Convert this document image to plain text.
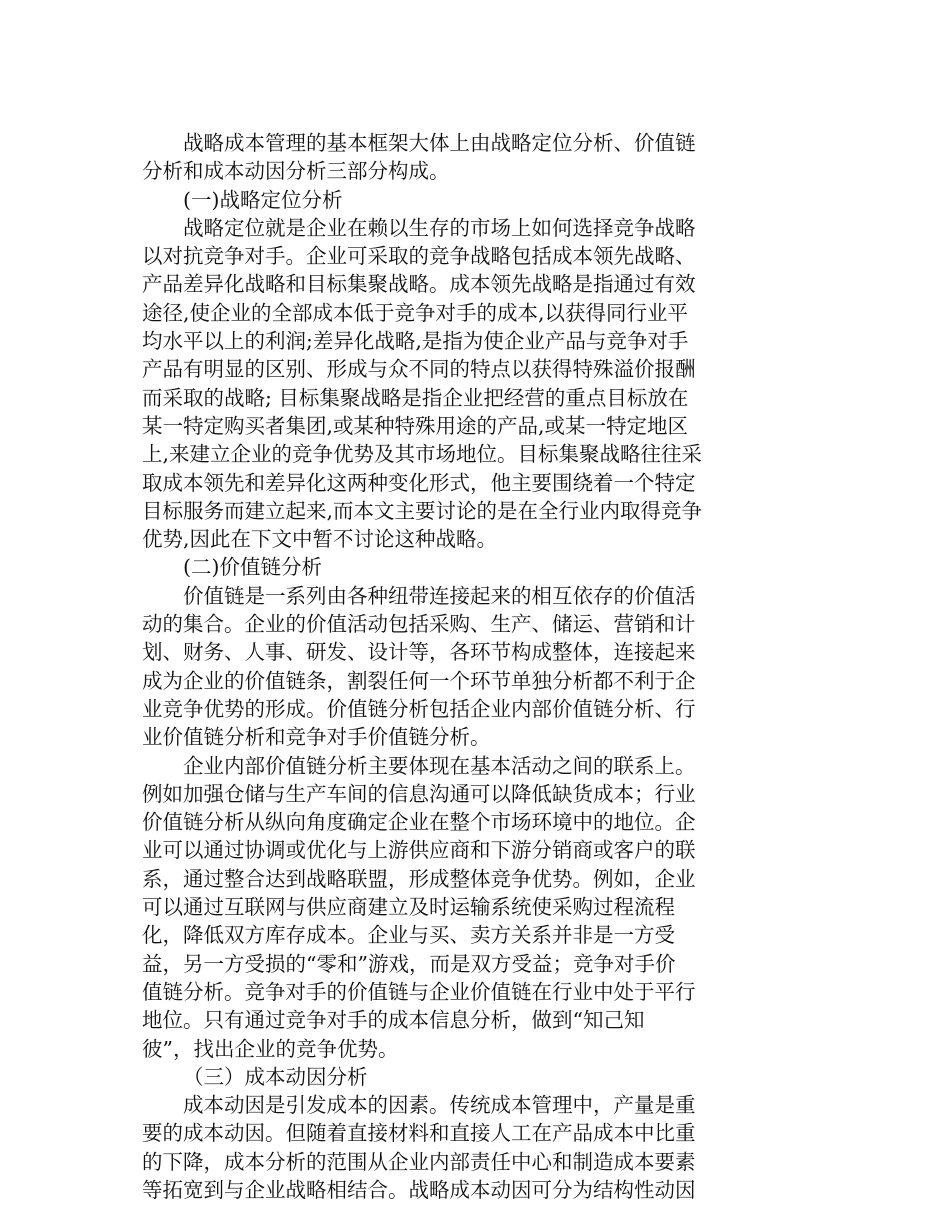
战略成本管理的基本框架大体上由战略定位分析、价值链
分析和成本动因分析三部分构成。
(一)战略定位分析
战略定位就是企业在赖以生存的市场上如何选择竞争战略
以对抗竞争对手。企业可采取的竞争战略包括成本领先战略、
产品差异化战略和目标集聚战略。成本领先战略是指通过有效
途径,使企业的全部成本低于竞争对手的成本,以获得同行业平
均水平以上的利润;差异化战略,是指为使企业产品与竞争对手
产品有明显的区别、形成与众不同的特点以获得特殊溢价报酬
而采取的战略; 目标集聚战略是指企业把经营的重点目标放在
某一特定购买者集团,或某种特殊用途的产品,或某一特定地区
上,来建立企业的竞争优势及其市场地位。目标集聚战略往往采
取成本领先和差异化这两种变化形式，他主要围绕着一个特定
目标服务而建立起来,而本文主要讨论的是在全行业内取得竞争
优势,因此在下文中暂不讨论这种战略。
(二)价值链分析
价值链是一系列由各种纽带连接起来的相互依存的价值活
动的集合。企业的价值活动包括采购、生产、储运、营销和计
划、财务、人事、研发、设计等，各环节构成整体，连接起来
成为企业的价值链条，割裂任何一个环节单独分析都不利于企
业竞争优势的形成。价值链分析包括企业内部价值链分析、行
业价值链分析和竞争对手价值链分析。
企业内部价值链分析主要体现在基本活动之间的联系上。
例如加强仓储与生产车间的信息沟通可以降低缺货成本；行业
价值链分析从纵向角度确定企业在整个市场环境中的地位。企
业可以通过协调或优化与上游供应商和下游分销商或客户的联
系，通过整合达到战略联盟，形成整体竞争优势。例如，企业
可以通过互联网与供应商建立及时运输系统使采购过程流程
化，降低双方库存成本。企业与买、卖方关系并非是一方受
益，另一方受损的“零和”游戏，而是双方受益；竞争对手价
值链分析。竞争对手的价值链与企业价值链在行业中处于平行
地位。只有通过竞争对手的成本信息分析，做到“知己知
彼”，找出企业的竞争优势。
（三）成本动因分析
成本动因是引发成本的因素。传统成本管理中，产量是重
要的成本动因。但随着直接材料和直接人工在产品成本中比重
的下降，成本分析的范围从企业内部责任中心和制造成本要素
等拓宽到与企业战略相结合。战略成本动因可分为结构性动因
